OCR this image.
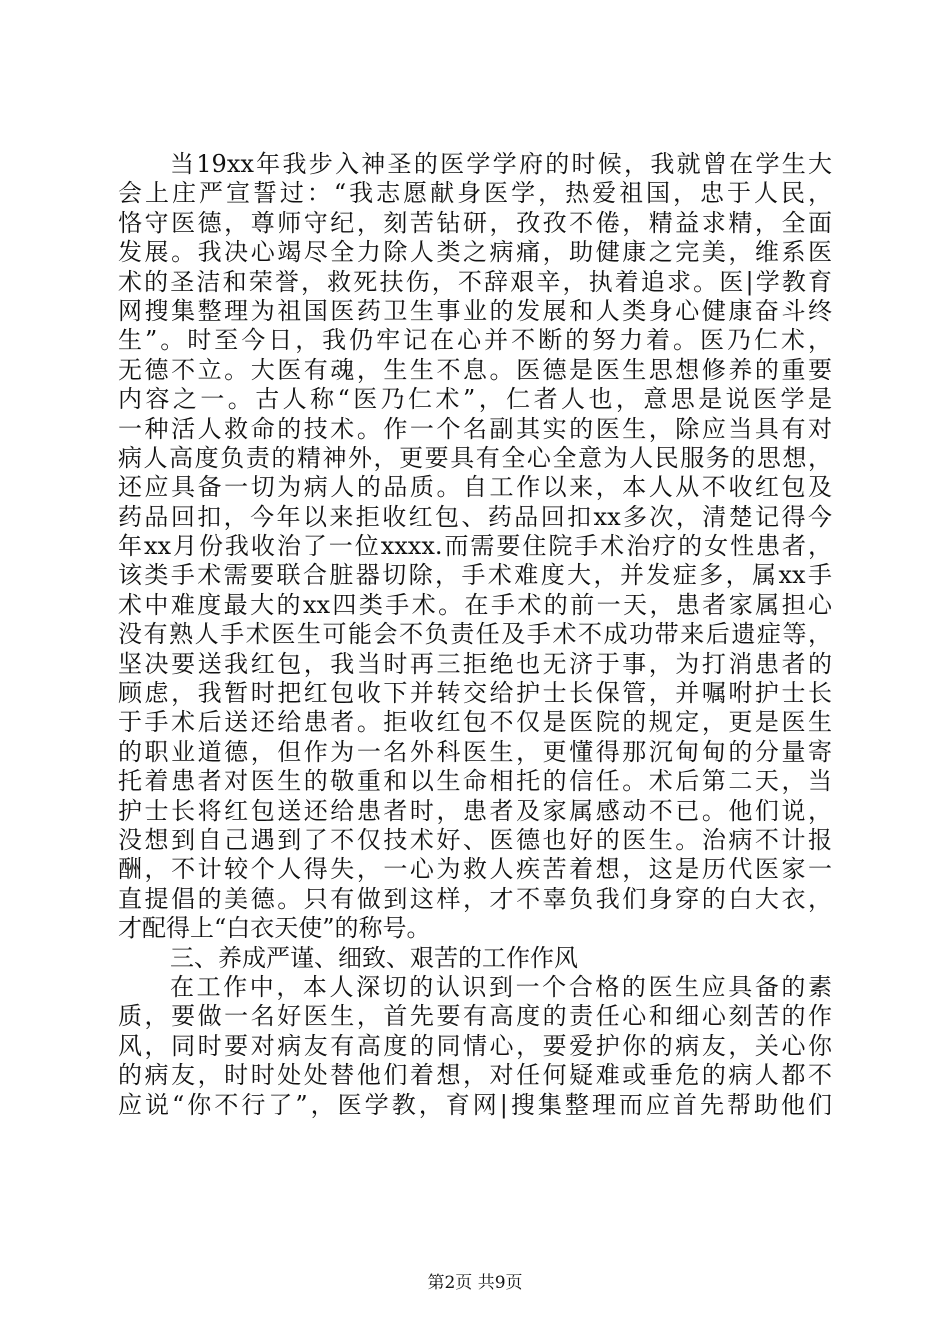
当19xx年我步入神圣的医学学府的时候，我就曾在学生大
会上庄严宣誓过：“我志愿献身医学，热爱祖国，忠于人民，
恪守医德，尊师守纪，刻苦钻研，孜孜不倦，精益求精，全面
发展。我决心竭尽全力除人类之病痛，助健康之完美，维系医
术的圣洁和荣誉，救死扶伤，不辞艰辛，执着追求。医|学教育
网搜集整理为祖国医药卫生事业的发展和人类身心健康奋斗终
生”。时至今日，我仍牢记在心并不断的努力着。医乃仁术，
无德不立。大医有魂，生生不息。医德是医生思想修养的重要
内容之一。古人称“医乃仁术”，仁者人也，意思是说医学是
一种活人救命的技术。作一个名副其实的医生，除应当具有对
病人高度负责的精神外，更要具有全心全意为人民服务的思想，
还应具备一切为病人的品质。自工作以来，本人从不收红包及
药品回扣，今年以来拒收红包、药品回扣xx多次，清楚记得今
年xx月份我收治了一位xxxx.而需要住院手术治疗的女性患者，
该类手术需要联合脏器切除，手术难度大，并发症多，属xx手
术中难度最大的xx四类手术。在手术的前一天，患者家属担心
没有熟人手术医生可能会不负责任及手术不成功带来后遗症等，
坚决要送我红包，我当时再三拒绝也无济于事，为打消患者的
顾虑，我暂时把红包收下并转交给护士长保管，并嘱咐护士长
于手术后送还给患者。拒收红包不仅是医院的规定，更是医生
的职业道德，但作为一名外科医生，更懂得那沉甸甸的分量寄
托着患者对医生的敬重和以生命相托的信任。术后第二天，当
护士长将红包送还给患者时，患者及家属感动不已。他们说，
没想到自己遇到了不仅技术好、医德也好的医生。治病不计报
酬，不计较个人得失，一心为救人疾苦着想，这是历代医家一
直提倡的美德。只有做到这样，才不辜负我们身穿的白大衣，
才配得上“白衣天使”的称号。
三、养成严谨、细致、艰苦的工作作风
在工作中，本人深切的认识到一个合格的医生应具备的素
质，要做一名好医生，首先要有高度的责任心和细心刻苦的作
风，同时要对病友有高度的同情心，要爱护你的病友，关心你
的病友，时时处处替他们着想，对任何疑难或垂危的病人都不
应说“你不行了”，医学教，育网|搜集整理而应首先帮助他们
第2页 共9页
